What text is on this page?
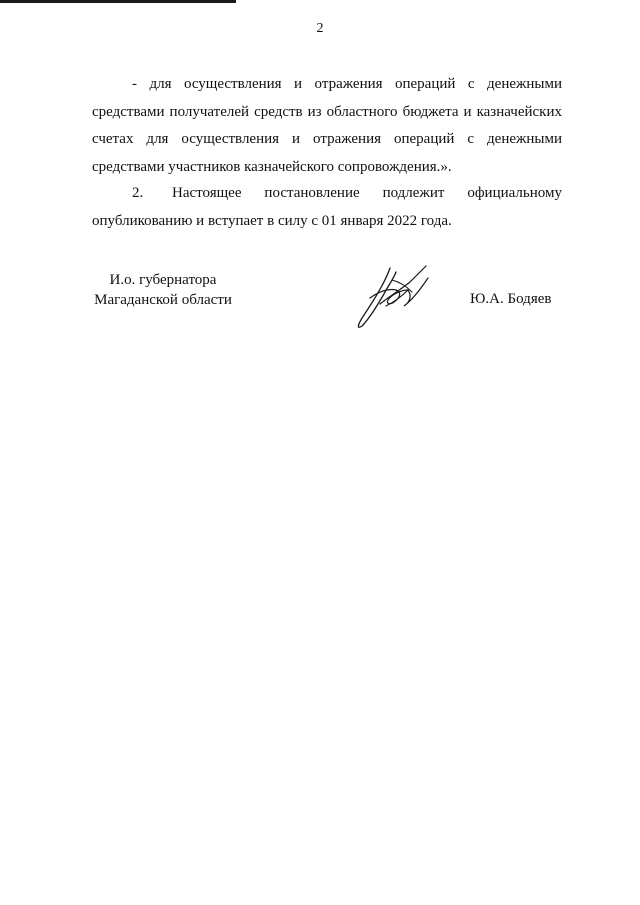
2

- для осуществления и отражения операций с денежными средствами получателей средств из областного бюджета и казначейских счетах для осуществления и отражения операций с денежными средствами участников казначейского сопровождения.».

2. Настоящее постановление подлежит официальному опубликованию и вступает в силу с 01 января 2022 года.

И.о. губернатора
Магаданской области	Ю.А. Бодяев
